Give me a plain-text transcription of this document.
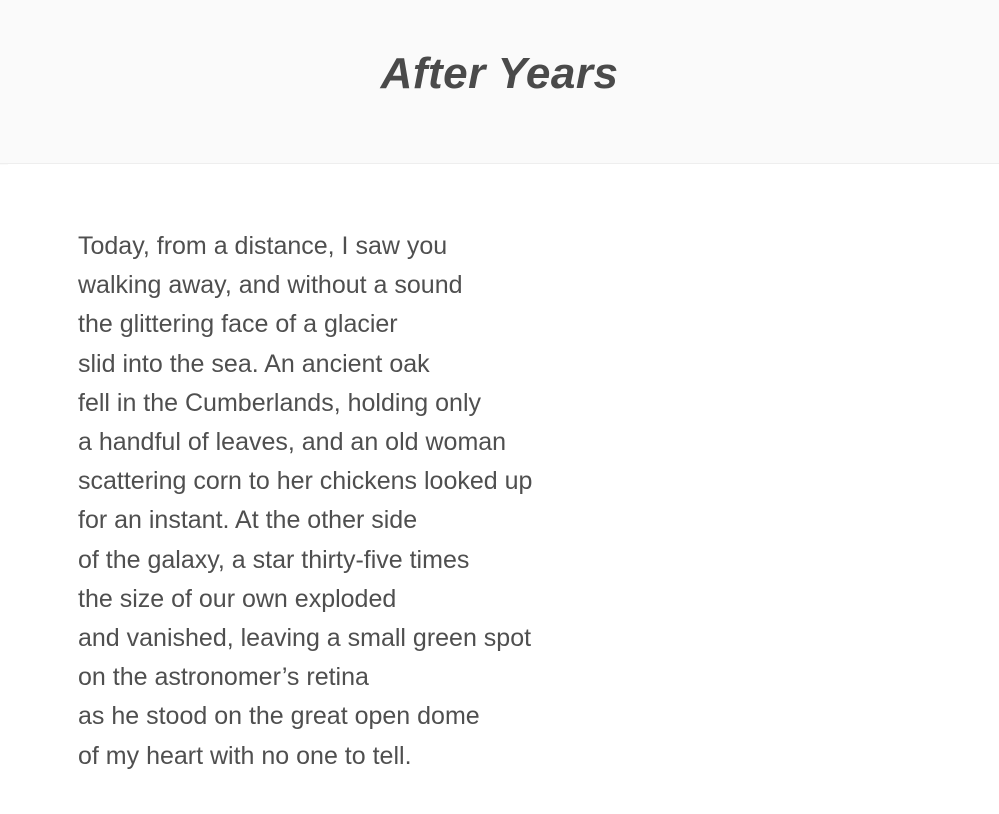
After Years
Today, from a distance, I saw you
walking away, and without a sound
the glittering face of a glacier
slid into the sea. An ancient oak
fell in the Cumberlands, holding only
a handful of leaves, and an old woman
scattering corn to her chickens looked up
for an instant. At the other side
of the galaxy, a star thirty-five times
the size of our own exploded
and vanished, leaving a small green spot
on the astronomer’s retina
as he stood on the great open dome
of my heart with no one to tell.
